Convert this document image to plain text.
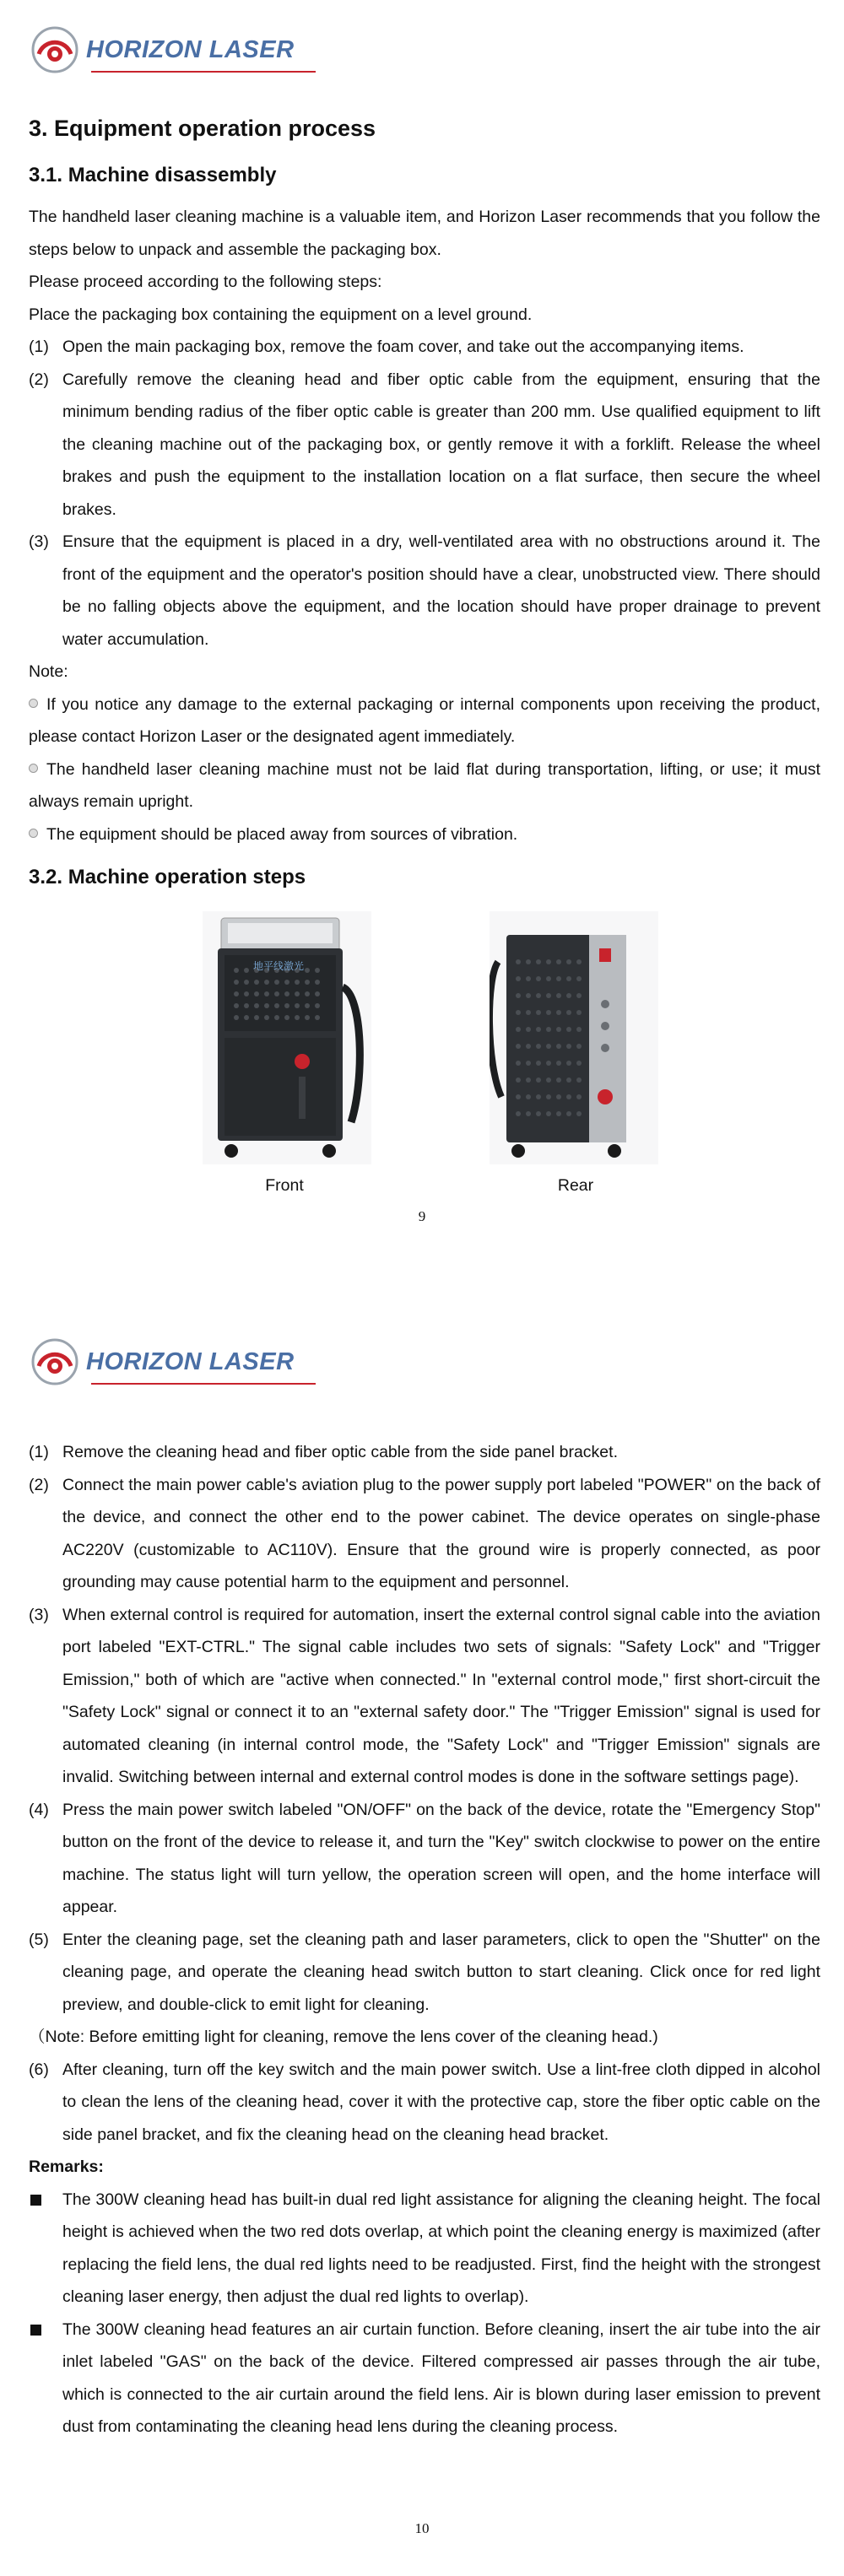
HORIZON LASER
3. Equipment operation process
3.1. Machine disassembly

The handheld laser cleaning machine is a valuable item, and Horizon Laser recommends that you follow the steps below to unpack and assemble the packaging box.

Please proceed according to the following steps:

Place the packaging box containing the equipment on a level ground.

(1) Open the main packaging box, remove the foam cover, and take out the accompanying items.
(2) Carefully remove the cleaning head and fiber optic cable from the equipment, ensuring that the minimum bending radius of the fiber optic cable is greater than 200 mm. Use qualified equipment to lift the cleaning machine out of the packaging box, or gently remove it with a forklift. Release the wheel brakes and push the equipment to the installation location on a flat surface, then secure the wheel brakes.
(3) Ensure that the equipment is placed in a dry, well-ventilated area with no obstructions around it. The front of the equipment and the operator's position should have a clear, unobstructed view. There should be no falling objects above the equipment, and the location should have proper drainage to prevent water accumulation.

Note:

If you notice any damage to the external packaging or internal components upon receiving the product, please contact Horizon Laser or the designated agent immediately.

The handheld laser cleaning machine must not be laid flat during transportation, lifting, or use; it must always remain upright.

The equipment should be placed away from sources of vibration.

3.2. Machine operation steps
地平线激光
Front	Rear
9
HORIZON LASER
(1) Remove the cleaning head and fiber optic cable from the side panel bracket.
(2) Connect the main power cable's aviation plug to the power supply port labeled "POWER" on the back of the device, and connect the other end to the power cabinet. The device operates on single-phase AC220V (customizable to AC110V). Ensure that the ground wire is properly connected, as poor grounding may cause potential harm to the equipment and personnel.
(3) When external control is required for automation, insert the external control signal cable into the aviation port labeled "EXT-CTRL." The signal cable includes two sets of signals: "Safety Lock" and "Trigger Emission," both of which are "active when connected." In "external control mode," first short-circuit the "Safety Lock" signal or connect it to an "external safety door." The "Trigger Emission" signal is used for automated cleaning (in internal control mode, the "Safety Lock" and "Trigger Emission" signals are invalid. Switching between internal and external control modes is done in the software settings page).
(4) Press the main power switch labeled "ON/OFF" on the back of the device, rotate the "Emergency Stop" button on the front of the device to release it, and turn the "Key" switch clockwise to power on the entire machine. The status light will turn yellow, the operation screen will open, and the home interface will appear.
(5) Enter the cleaning page, set the cleaning path and laser parameters, click to open the "Shutter" on the cleaning page, and operate the cleaning head switch button to start cleaning. Click once for red light preview, and double-click to emit light for cleaning.

（Note: Before emitting light for cleaning, remove the lens cover of the cleaning head.)

(6) After cleaning, turn off the key switch and the main power switch. Use a lint-free cloth dipped in alcohol to clean the lens of the cleaning head, cover it with the protective cap, store the fiber optic cable on the side panel bracket, and fix the cleaning head on the cleaning head bracket.

Remarks:

The 300W cleaning head has built-in dual red light assistance for aligning the cleaning height. The focal height is achieved when the two red dots overlap, at which point the cleaning energy is maximized (after replacing the field lens, the dual red lights need to be readjusted. First, find the height with the strongest cleaning laser energy, then adjust the dual red lights to overlap).
The 300W cleaning head features an air curtain function. Before cleaning, insert the air tube into the air inlet labeled "GAS" on the back of the device. Filtered compressed air passes through the air tube, which is connected to the air curtain around the field lens. Air is blown during laser emission to prevent dust from contaminating the cleaning head lens during the cleaning process.
10
